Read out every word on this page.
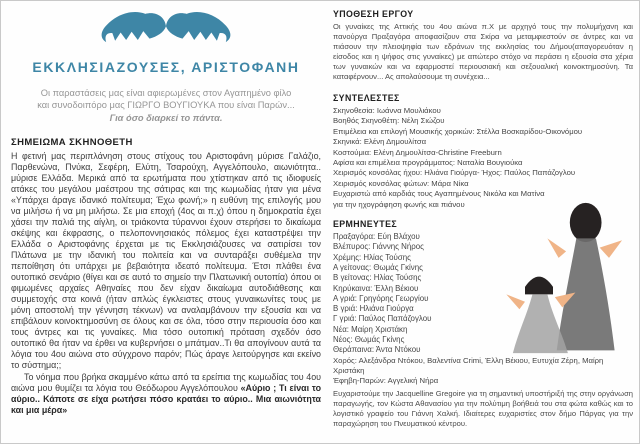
ΕΚΚΛΗΣΙΑΖΟΥΣΕΣ, ΑΡΙΣΤΟΦΑΝΗ
Οι παραστάσεις μας είναι αφιερωμένες στον Αγαπημένο φίλο
και συνοδοιπόρο μας ΓΙΩΡΓΟ ΒΟΥΓΙΟΥΚΑ που είναι Παρών...
Για όσο διαρκεί το πάντα.
ΣΗΜΕΙΩΜΑ ΣΚΗΝΟΘΕΤΗ

Η φετινή μας περιπλάνηση στους στίχους του Αριστοφάνη μύρισε Γαλάζιο, Παρθενώνα, Πνύκα, Σεφέρη, Ελύτη, Τσαρούχη, Αγγελόπουλο, αιωνιότητα.. μύρισε Ελλάδα. Μερικά από τα ερωτήματα που χτίστηκαν από τις ιδιοφυείς ατάκες του μεγάλου μαέστρου της σάτιρας και της κωμωδίας ήταν για μένα «Υπάρχει άραγε ιδανικό πολίτευμα; Έχω φωνή;» η ευθύνη της επιλογής μου να μιλήσω ή να μη μιλήσω. Σε μια εποχή (4ος αι π.χ) όπου η δημοκρατία έχει χάσει την παλιά της αίγλη, οι τριάκοντα τύραννοι έχουν στερήσει το δικαίωμα σκέψης και έκφρασης, ο πελοποννησιακός πόλεμος έχει καταστρέψει την Ελλάδα ο Αριστοφάνης έρχεται με τις Εκκλησιάζουσες να σατιρίσει τον Πλάτωνα με την ιδανική του πολιτεία και να συνταράξει συθέμελα την πεποίθηση ότι υπάρχει με βεβαιότητα ιδεατό πολίτευμα. Έτσι πλάθει ένα ουτοπικό σενάριο (θίγει και σε αυτό το σημείο την Πλατωνική ουτοπία) όπου οι φιμωμένες αρχαίες Αθηναίες που δεν είχαν δικαίωμα αυτοδιάθεσης και συμμετοχής στα κοινά (ήταν απλώς έγκλειστες στους γυναικωνίτες τους με μόνη αποστολή την γέννηση τέκνων) να αναλαμβάνουν την εξουσία και να επιβάλουν κοινοκτημοσύνη σε όλους και σε όλα, τόσο στην περιουσία όσο και τους άντρες και τις γυναίκες. Μια τόσο ουτοπική πρόταση σχεδόν όσο ουτοπικό θα ήταν να έρθει να κυβερνήσει ο μπάτμαν..Τι θα απογίνουν αυτά τα λόγια του 4ου αιώνα στο σύγχρονο παρόν; Πώς άραγε λειτούργησε και εκείνο το σύστημα;;

Το νόημα που βρήκα σκαμμένο κάτω από τα ερείπια της κωμωδίας του 4ου αιώνα μου θυμίζει τα λόγια του Θεόδωρου Αγγελόπουλου «Αύριο ; Τι είναι το αύριο.. Κάποτε σε είχα ρωτήσει πόσο κρατάει το αύριο.. Μια αιωνιότητα και μια μέρα»

ΥΠΟΘΕΣΗ ΕΡΓΟΥ
Οι γυναίκες της Αττικής του 4ου αιώνα π.Χ με αρχηγό τους την πολυμήχανη και πανούργα Πραξαγόρα αποφασίζουν στα Σκίρα να μεταμφιεστούν σε άντρες και να πιάσουν την πλειοψηφία των εδράνων της εκκλησίας του Δήμου(απαγορευόταν η είσοδος και η ψήφος στις γυναίκες) με απώτερο στόχο να περάσει η εξουσία στα χέρια των γυναικών και να εφαρμοστεί περιουσιακή και σεξουαλική κοινοκτημοσύνη. Τα καταφέρνουν... Ας απολαύσουμε τη συνέχεια...
ΣΥΝΤΕΛΕΣΤΕΣ
Σκηνοθεσία: Ιωάννα Μουλιάκου
Βοηθός Σκηνοθέτη: Νέλη Σιώζου
Επιμέλεια και επιλογή Μουσικής χορικών: Στέλλα Βοσκαρίδου-Οικονόμου
Σκηνικά: Ελένη Δημουλίτσα
Κοστούμια: Ελένη Δημουλίτσα-Christine Freeburn
Αφίσα και επιμέλεια προγράμματος: Ναταλία Βουγιούκα
Χειρισμός κονσόλας ήχου: Ηλιάνα Γιούργα- Ήχος: Παύλος Παπάζογλου
Χειρισμός κονσόλας φώτων: Μάρα Νίκα
Ευχαριστώ από καρδιάς τους Αγαπημένους Νικόλα και Ματίνα
για την ηχογράφηση φωνής και πιάνου
ΕΡΜΗΝΕΥΤΕΣ
Πραξαγόρα: Εύη Βλάχου
Βλέπυρος: Γιάννης Νήρος
Χρέμης: Ηλίας Τούσης
Α γείτονας: Θωμάς Γκίνης
Β γείτονας: Ηλίας Τούσης
Κηρύκαινα: Έλλη Βέκιου
Α γριά: Γρηγόρης Γεωργίου
Β γριά: Ηλιάνα Γιούργα
Γ γριά: Παύλος Παπάζογλου
Νέα: Μαίρη Χριστάκη
Νέος: Θωμάς Γκίνης
Θεράπαινα: Άντα Ντόκου
Χορός: Αλεξάνδρα Ντόκου, Βαλεντίνα Crimi, Έλλη Βέκιου, Ευτυχία Ζέρη, Μαίρη Χριστάκη
Έφηβη-Παρών: Αγγελική Νήρα
Ευχαριστούμε την Jacquelline Gregoire για τη σημαντική υποστήριξή της στην οργάνωση παραγωγής, τον Κώστα Αθανασίου για την πολύτιμη βοήθειά του στα φώτα καθώς και το λογιστικό γραφείο του Γιάννη Χαλκή. Ιδιαίτερες ευχαριστίες στον δήμο Πάργας για την παραχώρηση του Πνευματικού κέντρου.
